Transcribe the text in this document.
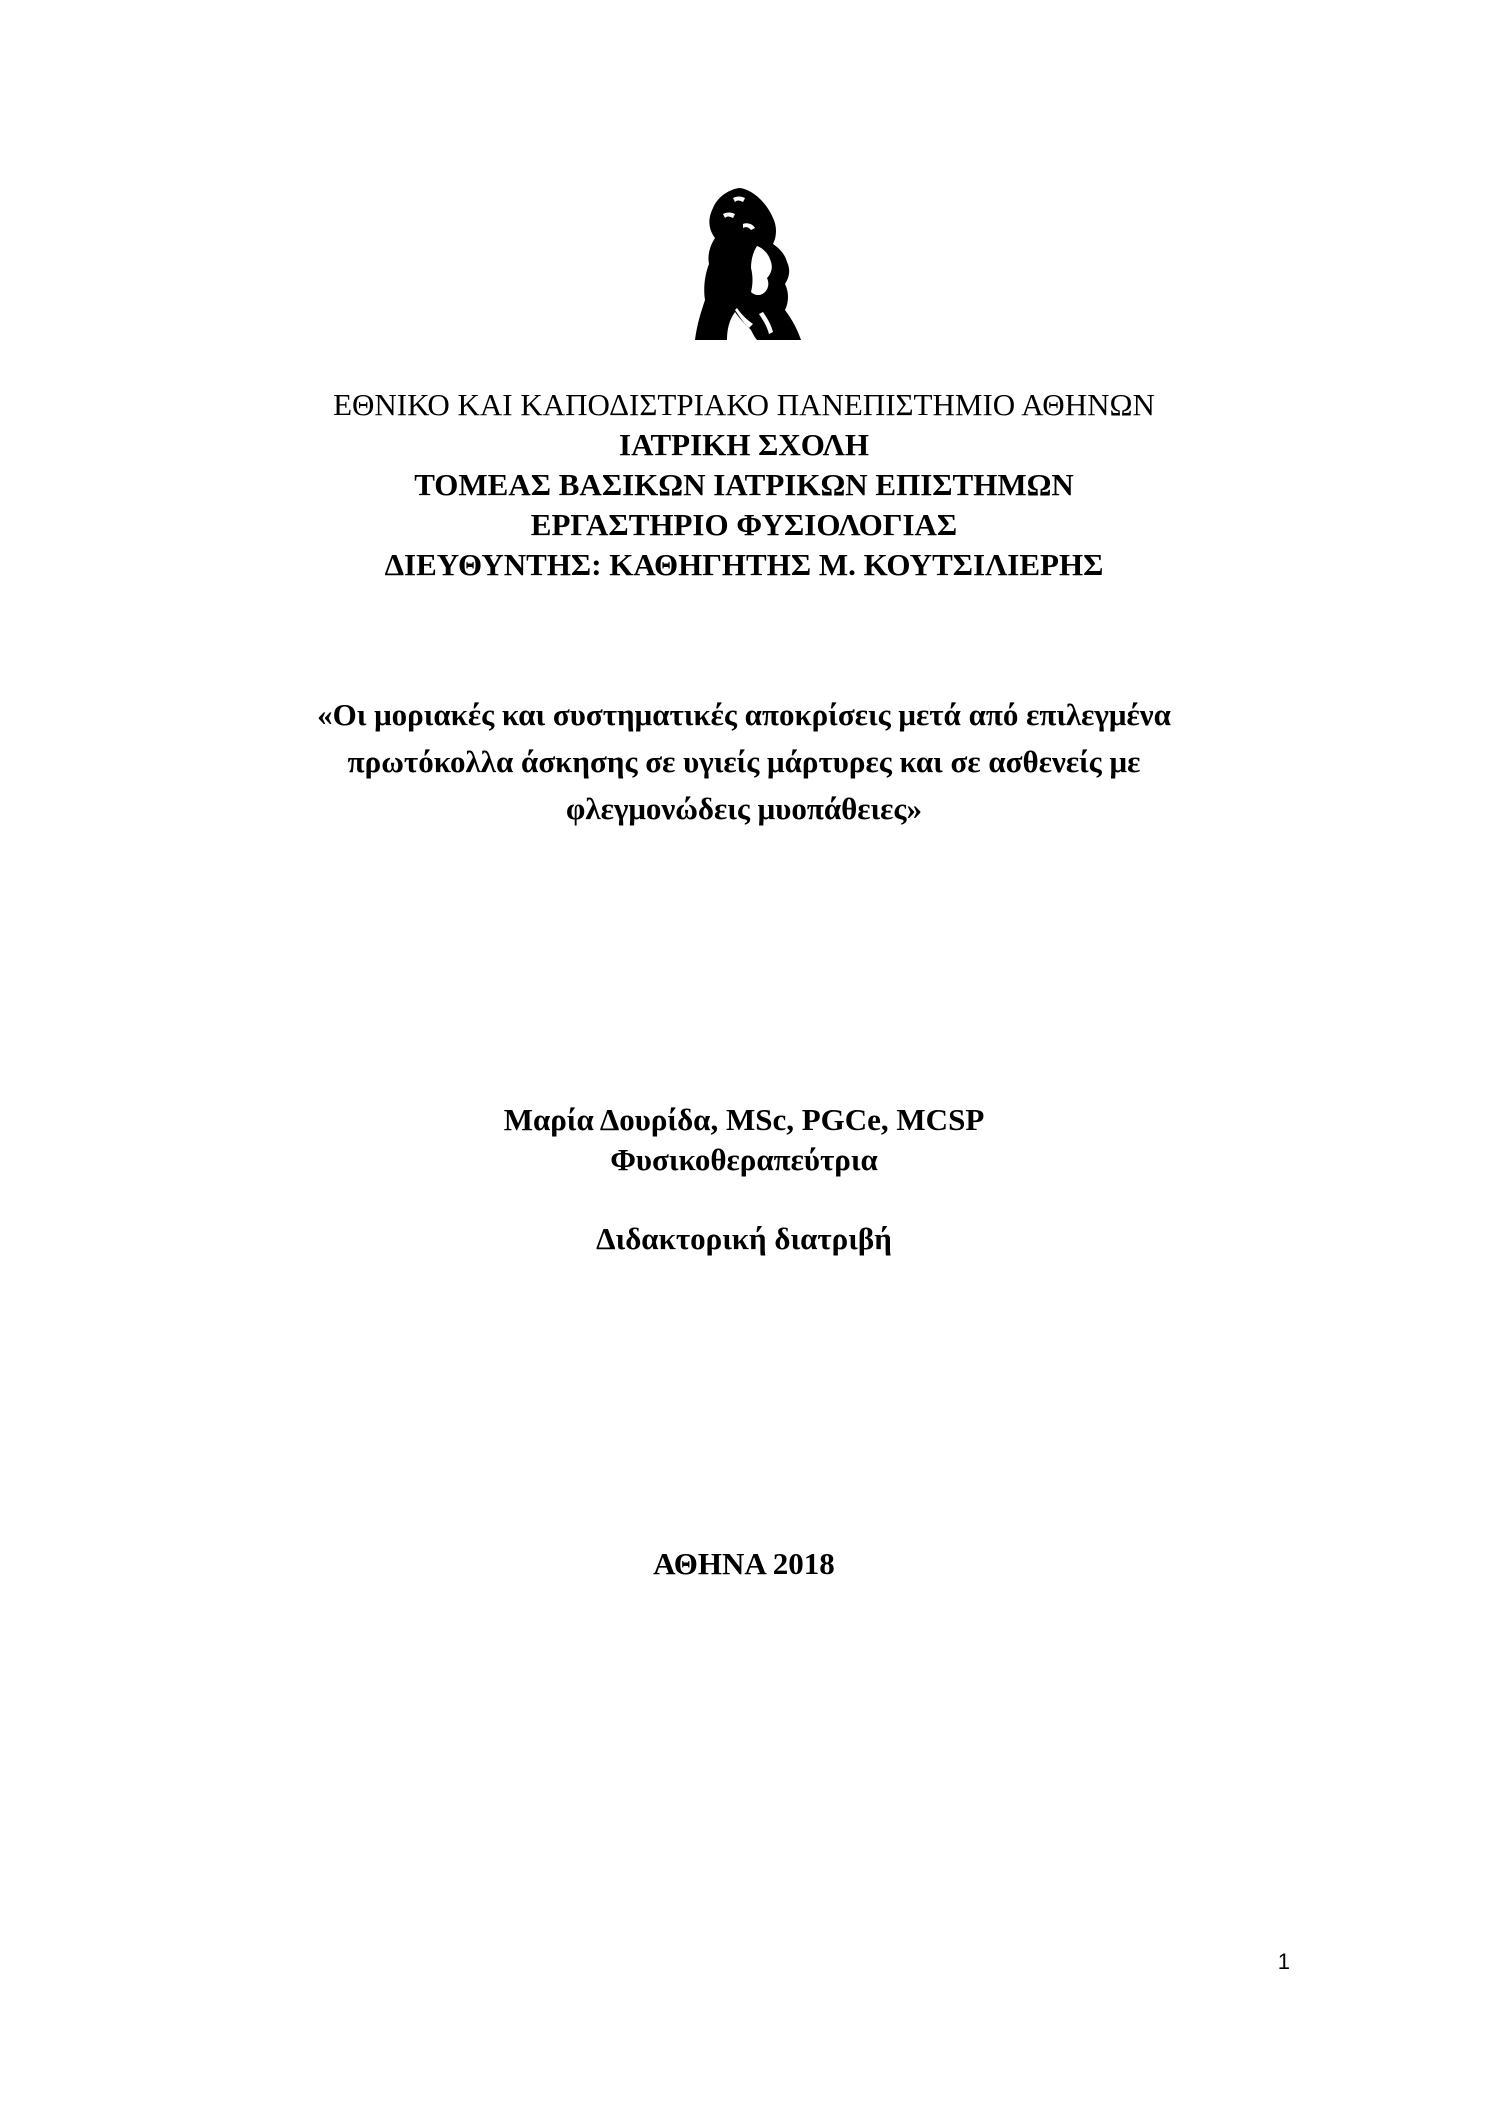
ΕΘΝΙΚΟ ΚΑΙ ΚΑΠΟΔΙΣΤΡΙΑΚΟ ΠΑΝΕΠΙΣΤΗΜΙΟ ΑΘΗΝΩΝ
ΙΑΤΡΙΚΗ ΣΧΟΛΗ
ΤΟΜΕΑΣ ΒΑΣΙΚΩΝ ΙΑΤΡΙΚΩΝ ΕΠΙΣΤΗΜΩΝ
ΕΡΓΑΣΤΗΡΙΟ ΦΥΣΙΟΛΟΓΙΑΣ
ΔΙΕΥΘΥΝΤΗΣ: ΚΑΘΗΓΗΤΗΣ Μ. ΚΟΥΤΣΙΛΙΕΡΗΣ
«Οι μοριακές και συστηματικές αποκρίσεις μετά από επιλεγμένα
πρωτόκολλα άσκησης σε υγιείς μάρτυρες και σε ασθενείς με
φλεγμονώδεις μυοπάθειες»
Μαρία Δουρίδα, MSc, PGCe, MCSP
Φυσικοθεραπεύτρια
Διδακτορική διατριβή
ΑΘΗΝΑ 2018
1
